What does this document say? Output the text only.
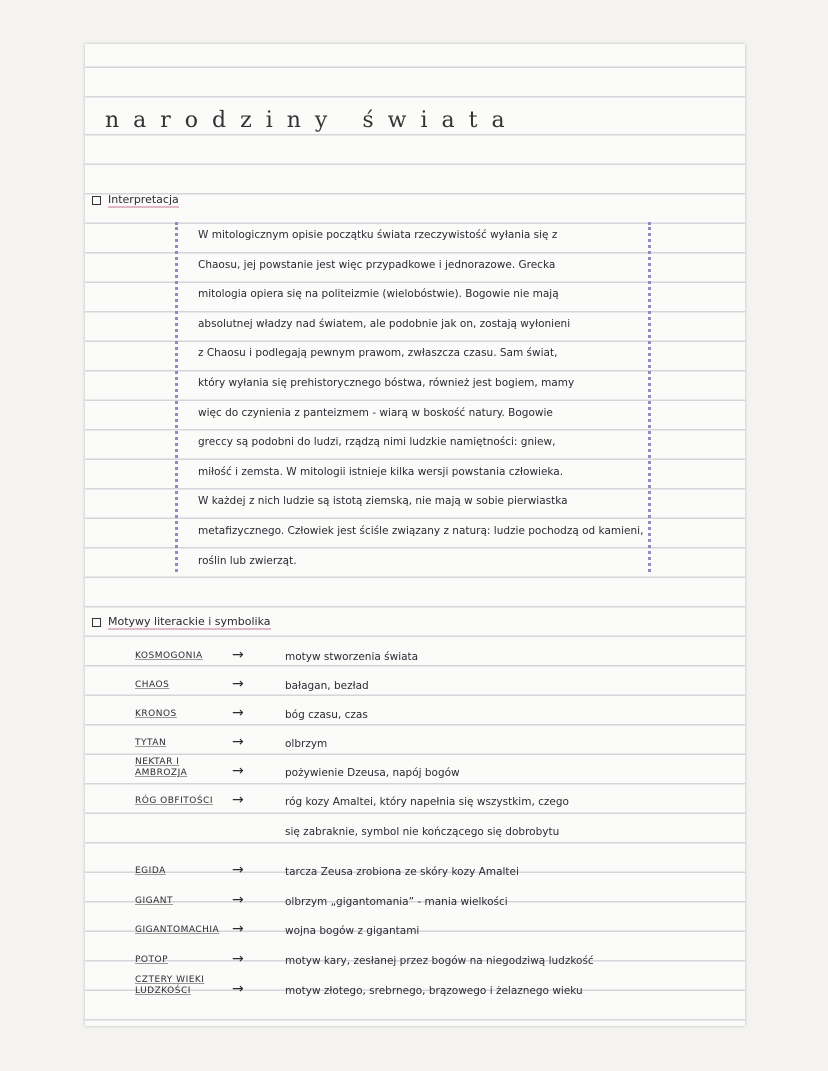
narodziny świata
Interpretacja
W mitologicznym opisie początku świata rzeczywistość wyłania się z
Chaosu, jej powstanie jest więc przypadkowe i jednorazowe. Grecka
mitologia opiera się na politeizmie (wielobóstwie). Bogowie nie mają
absolutnej władzy nad światem, ale podobnie jak on, zostają wyłonieni
z Chaosu i podlegają pewnym prawom, zwłaszcza czasu. Sam świat,
który wyłania się prehistorycznego bóstwa, również jest bogiem, mamy
więc do czynienia z panteizmem - wiarą w boskość natury. Bogowie
greccy są podobni do ludzi, rządzą nimi ludzkie namiętności: gniew,
miłość i zemsta. W mitologii istnieje kilka wersji powstania człowieka.
W każdej z nich ludzie są istotą ziemską, nie mają w sobie pierwiastka
metafizycznego. Człowiek jest ściśle związany z naturą: ludzie pochodzą od kamieni,
roślin lub zwierząt.
Motywy literackie i symbolika
KOSMOGONIA	→	motyw stworzenia świata
CHAOS	→	bałagan, bezład
KRONOS	→	bóg czasu, czas
TYTAN	→	olbrzym
NEKTAR I AMBROZJA	→	pożywienie Dzeusa, napój bogów
RÓG OBFITOŚCI	→	róg kozy Amaltei, który napełnia się wszystkim, czego
się zabraknie, symbol nie kończącego się dobrobytu
EGIDA	→	tarcza Zeusa zrobiona ze skóry kozy Amaltei
GIGANT	→	olbrzym „gigantomania” - mania wielkości
GIGANTOMACHIA →	wojna bogów z gigantami
POTOP	→	motyw kary, zesłanej przez bogów na niegodziwą ludzkość
CZTERY WIEKI LUDZKOŚCI	→	motyw złotego, srebrnego, brązowego i żelaznego wieku
